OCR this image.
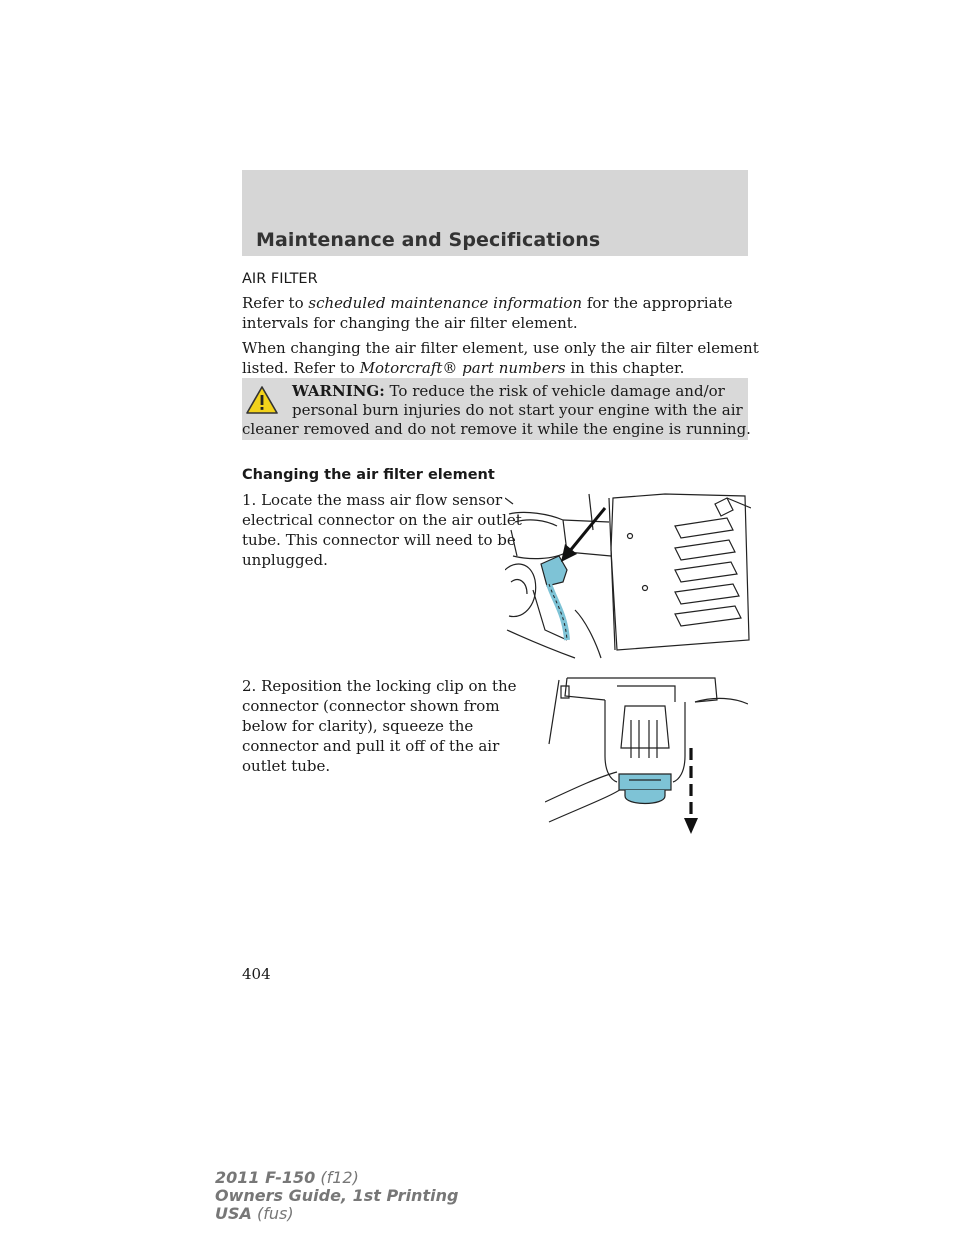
Maintenance and Specifications
AIR FILTER
Refer to scheduled maintenance information for the appropriate
intervals for changing the air filter element.
When changing the air filter element, use only the air filter element
listed. Refer to Motorcraft® part numbers in this chapter.
WARNING: To reduce the risk of vehicle damage and/or
personal burn injuries do not start your engine with the air
cleaner removed and do not remove it while the engine is running.
Changing the air filter element
1. Locate the mass air flow sensor
electrical connector on the air outlet
tube. This connector will need to be
unplugged.
2. Reposition the locking clip on the
connector (connector shown from
below for clarity), squeeze the
connector and pull it off of the air
outlet tube.
404
2011 F-150 (f12)
Owners Guide, 1st Printing
USA (fus)
